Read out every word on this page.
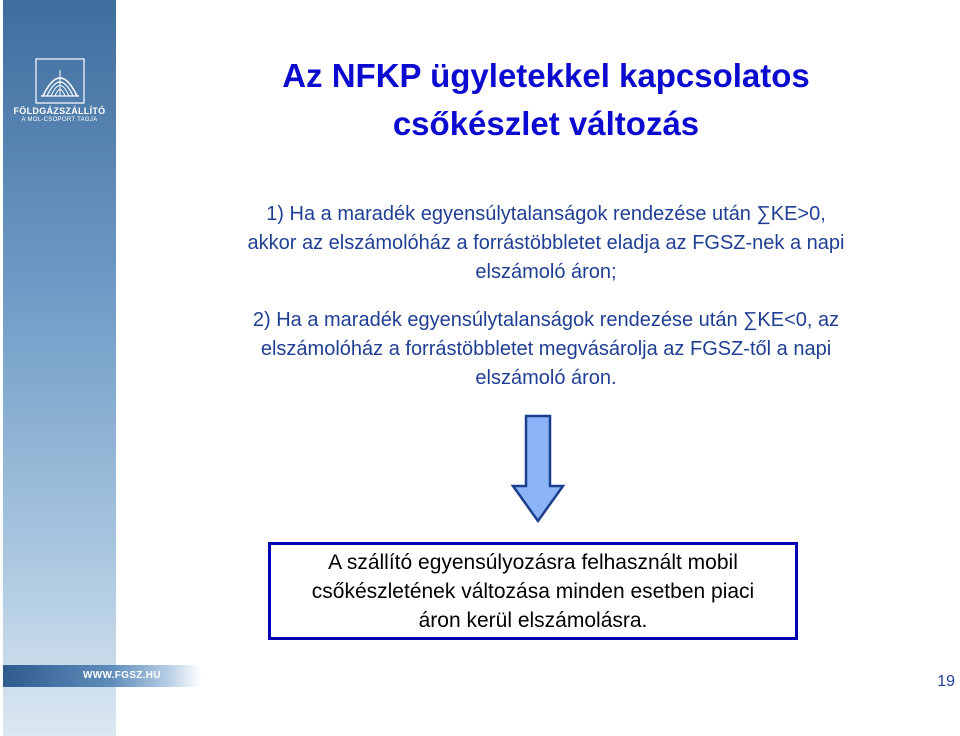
FÖLDGÁZSZÁLLÍTÓ
A MOL-CSOPORT TAGJA
Az NFKP ügyletekkel kapcsolatos
csőkészlet változás

1) Ha a maradék egyensúlytalanságok rendezése után ∑KE>0,
akkor az elszámolóház a forrástöbbletet eladja az FGSZ-nek a napi
elszámoló áron;

2) Ha a maradék egyensúlytalanságok rendezése után ∑KE<0, az
elszámolóház a forrástöbbletet megvásárolja az FGSZ-től a napi
elszámoló áron.

A szállító egyensúlyozásra felhasznált mobil
csőkészletének változása minden esetben piaci
áron kerül elszámolásra.

WWW.FGSZ.HU	19
